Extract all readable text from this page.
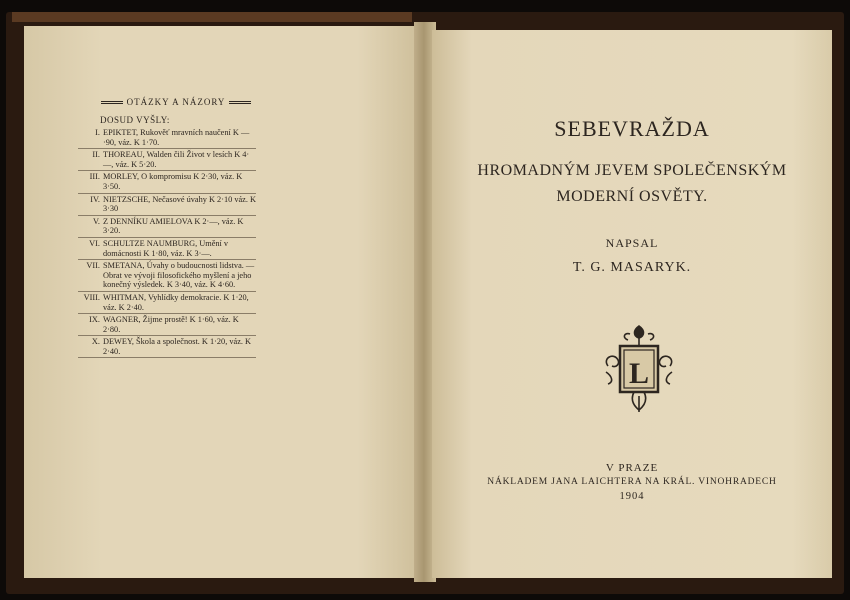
OTÁZKY A NÁZORY
DOSUD VYŠLY:
I. EPIKTET, Rukověť mravních naučení K —·90, váz. K 1·70.
II. THOREAU, Walden čili Život v lesích K 4·—, váz. K 5·20.
III. MORLEY, O kompromisu K 2·30, váz. K 3·50.
IV. NIETZSCHE, Nečasové úvahy K 2·10 váz. K 3·30
V. Z DENNÍKU AMIELOVA K 2·—, váz. K 3·20.
VI. SCHULTZE NAUMBURG, Umění v domácnosti K 1·80, váz. K 3·—.
VII. SMETANA, Úvahy o budoucnosti lidstva. — Obrat ve vývoji filosofického myšlení a jeho konečný výsledek. K 3·40, váz. K 4·60.
VIII. WHITMAN, Vyhlídky demokracie. K 1·20, váz. K 2·40.
IX. WAGNER, Žijme prostě! K 1·60, váz. K 2·80.
X. DEWEY, Škola a společnost. K 1·20, váz. K 2·40.
SEBEVRAŽDA
HROMADNÝM JEVEM SPOLEČENSKÝM
MODERNÍ OSVĚTY.
NAPSAL
T. G. MASARYK.
L
V PRAZE
NÁKLADEM JANA LAICHTERA NA KRÁL. VINOHRADECH
1904
